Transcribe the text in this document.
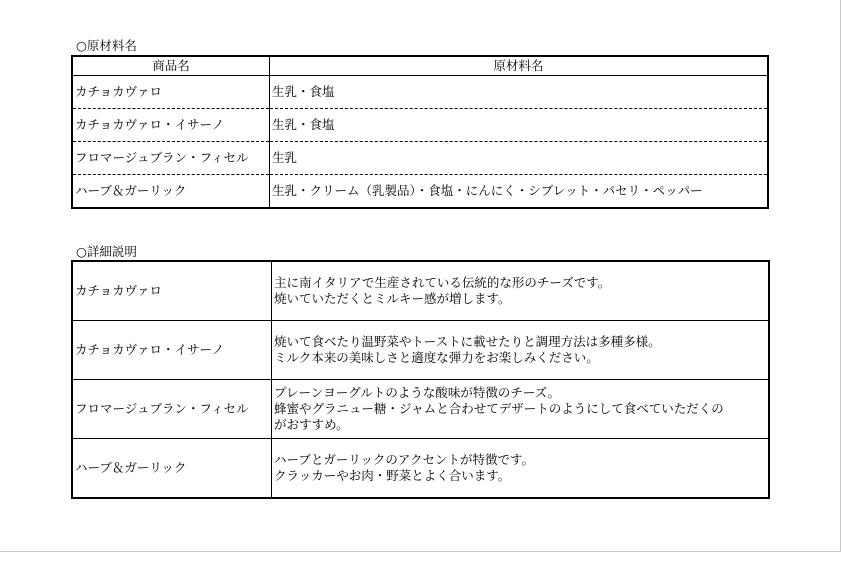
○原材料名
商品名	原材料名
カチョカヴァロ	生乳・食塩
カチョカヴァロ・イサーノ	生乳・食塩
フロマージュブラン・フィセル	生乳
ハーブ＆ガーリック	生乳・クリーム（乳製品）・食塩・にんにく・シブレット・パセリ・ペッパー
○詳細説明
カチョカヴァロ	主に南イタリアで生産されている伝統的な形のチーズです。
焼いていただくとミルキー感が増します。

カチョカヴァロ・イサーノ	焼いて食べたり温野菜やトーストに載せたりと調理方法は多種多様。
ミルク本来の美味しさと適度な弾力をお楽しみください。

フロマージュブラン・フィセル	プレーンヨーグルトのような酸味が特徴のチーズ。
蜂蜜やグラニュー糖・ジャムと合わせてデザートのようにして食べていただくの
がおすすめ。

ハーブ＆ガーリック	ハーブとガーリックのアクセントが特徴です。
クラッカーやお肉・野菜とよく合います。
